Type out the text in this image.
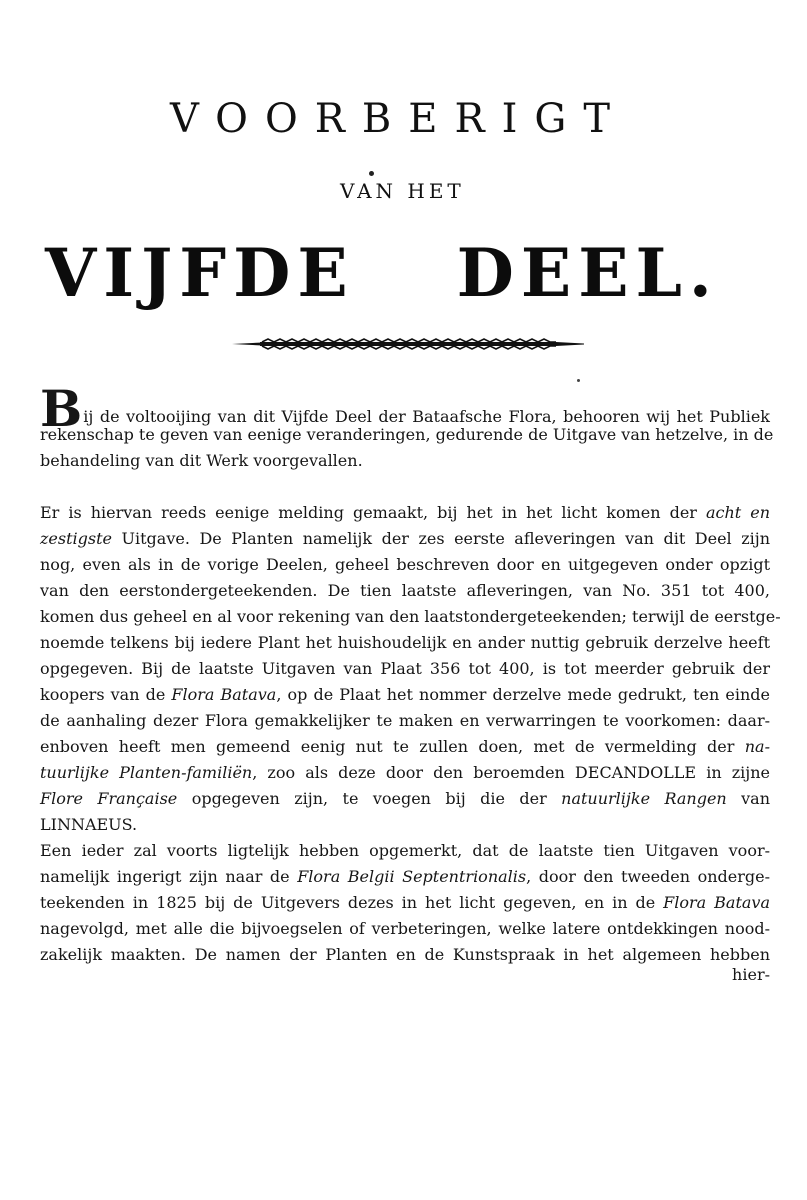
VOORBERIGT
VAN HET
VIJFDE DEEL.
Bij de voltooijing van dit Vijfde Deel der Bataafsche Flora, behooren wij het Publiek
rekenschap te geven van eenige veranderingen, gedurende de Uitgave van hetzelve, in de
behandeling van dit Werk voorgevallen.
Er is hiervan reeds eenige melding gemaakt, bij het in het licht komen der acht en
zestigste Uitgave. De Planten namelijk der zes eerste afleveringen van dit Deel zijn
nog, even als in de vorige Deelen, geheel beschreven door en uitgegeven onder opzigt
van den eerstondergeteekenden. De tien laatste afleveringen, van No. 351 tot 400,
komen dus geheel en al voor rekening van den laatstondergeteekenden; terwijl de eerstge-
noemde telkens bij iedere Plant het huishoudelijk en ander nuttig gebruik derzelve heeft
opgegeven. Bij de laatste Uitgaven van Plaat 356 tot 400, is tot meerder gebruik der
koopers van de Flora Batava, op de Plaat het nommer derzelve mede gedrukt, ten einde
de aanhaling dezer Flora gemakkelijker te maken en verwarringen te voorkomen: daar-
enboven heeft men gemeend eenig nut te zullen doen, met de vermelding der na-
tuurlijke Planten-familiën, zoo als deze door den beroemden DECANDOLLE in zijne
Flore Française opgegeven zijn, te voegen bij die der natuurlijke Rangen van
LINNAEUS.
Een ieder zal voorts ligtelijk hebben opgemerkt, dat de laatste tien Uitgaven voor-
namelijk ingerigt zijn naar de Flora Belgii Septentrionalis, door den tweeden onderge-
teekenden in 1825 bij de Uitgevers dezes in het licht gegeven, en in de Flora Batava
nagevolgd, met alle die bijvoegselen of verbeteringen, welke latere ontdekkingen nood-
zakelijk maakten. De namen der Planten en de Kunstspraak in het algemeen hebben
hier-
